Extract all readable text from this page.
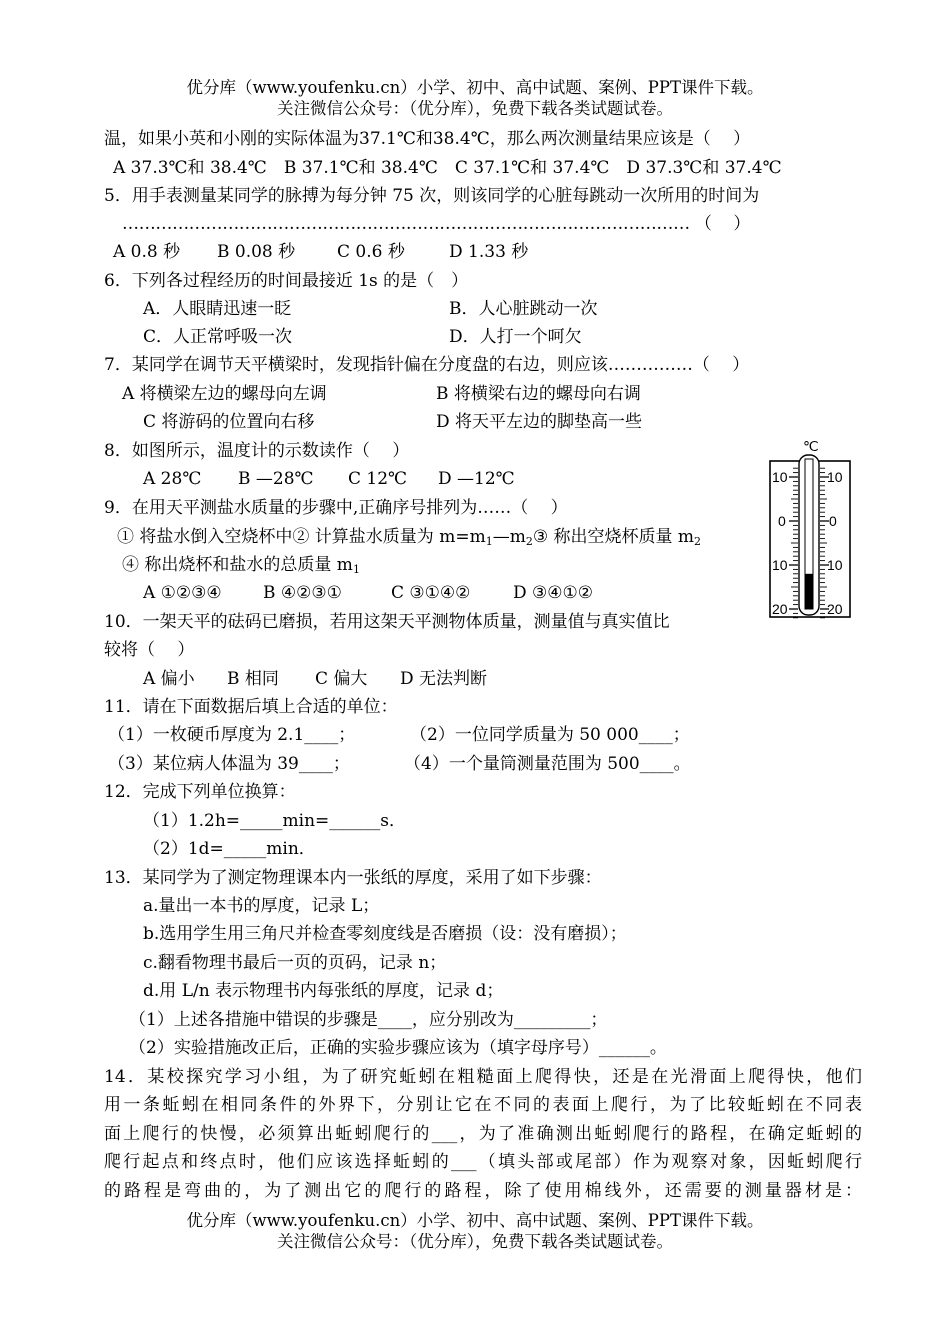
优分库（www.youfenku.cn）小学、初中、高中试题、案例、PPT课件下载。
关注微信公众号：（优分库），免费下载各类试题试卷。
温，如果小英和小刚的实际体温为37.1℃和38.4℃，那么两次测量结果应该是（　 ）
A 37.3℃和 38.4℃　B 37.1℃和 38.4℃　C 37.1℃和 37.4℃　D 37.3℃和 37.4℃
5．用手表测量某同学的脉搏为每分钟 75 次，则该同学的心脏每跳动一次所用的时间为
………………………………………………………………………………………… （　 ）
A 0.8 秒 B 0.08 秒 C 0.6 秒	D 1.33 秒
6．下列各过程经历的时间最接近 1s 的是（　）
A．人眼睛迅速一眨	B．人心脏跳动一次
C．人正常呼吸一次	D．人打一个呵欠
7．某同学在调节天平横梁时，发现指针偏在分度盘的右边，则应该……………（　 ）
A 将横梁左边的螺母向左调	B 将横梁右边的螺母向右调
C 将游码的位置向右移	D 将天平左边的脚垫高一些
8．如图所示，温度计的示数读作（　 ）
A 28℃ B —28℃ C 12℃ D —12℃
℃
10
0
10
20
10
0
10
20
9．在用天平测盐水质量的步骤中,正确序号排列为……（　 ）
① 将盐水倒入空烧杯中② 计算盐水质量为 $m=m_1—m_2③$ 称出空烧杯质量 $m_2$
④ 称出烧杯和盐水的总质量 $m_1$
A ①②③④ B ④②③①	C ③①④②	D ③④①②
10．一架天平的砝码已磨损，若用这架天平测物体质量，测量值与真实值比
较将（　 ）
A 偏小 B 相同 C 偏大 D 无法判断
11．请在下面数据后填上合适的单位：
（1）一枚硬币厚度为 2.1____；	（2）一位同学质量为 50 000____；
（3）某位病人体温为 39____；	（4）一个量筒测量范围为 500____。
12．完成下列单位换算：
（1）1.2h=_____min=______s．
（2）1d=_____min．
13．某同学为了测定物理课本内一张纸的厚度，采用了如下步骤：
a.量出一本书的厚度，记录 L；
b.选用学生用三角尺并检查零刻度线是否磨损（设：没有磨损）；
c.翻看物理书最后一页的页码，记录 n；
d.用 L/n 表示物理书内每张纸的厚度，记录 d；
（1）上述各措施中错误的步骤是____，应分别改为_________；
（2）实验措施改正后，正确的实验步骤应该为（填字母序号）______。
14．某校探究学习小组，为了研究蚯蚓在粗糙面上爬得快，还是在光滑面上爬得快，他们
用一条蚯蚓在相同条件的外界下，分别让它在不同的表面上爬行，为了比较蚯蚓在不同表
面上爬行的快慢，必须算出蚯蚓爬行的___，为了准确测出蚯蚓爬行的路程，在确定蚯蚓的
爬行起点和终点时，他们应该选择蚯蚓的___（填头部或尾部）作为观察对象，因蚯蚓爬行
的路程是弯曲的，为了测出它的爬行的路程，除了使用棉线外，还需要的测量器材是：
优分库（www.youfenku.cn）小学、初中、高中试题、案例、PPT课件下载。
关注微信公众号：（优分库），免费下载各类试题试卷。
